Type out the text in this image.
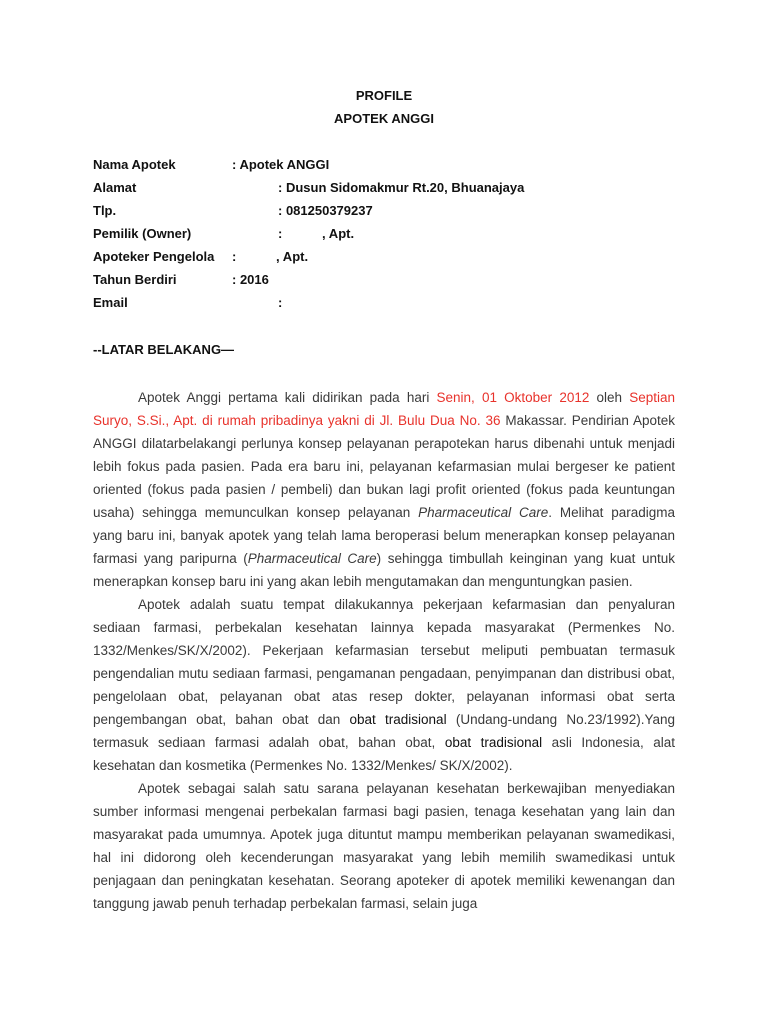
PROFILE
APOTEK ANGGI
Nama Apotek	: Apotek ANGGI
Alamat	: Dusun Sidomakmur Rt.20, Bhuanajaya
Tlp.	: 081250379237
Pemilik (Owner)	:           , Apt.
Apoteker Pengelola :           , Apt.
Tahun Berdiri	: 2016
Email	:
--LATAR BELAKANG—

Apotek Anggi pertama kali didirikan pada hari Senin, 01 Oktober 2012 oleh Septian Suryo, S.Si., Apt. di rumah pribadinya yakni di Jl. Bulu Dua No. 36 Makassar. Pendirian Apotek ANGGI dilatarbelakangi perlunya konsep pelayanan perapotekan harus dibenahi untuk menjadi lebih fokus pada pasien. Pada era baru ini, pelayanan kefarmasian mulai bergeser ke patient oriented (fokus pada pasien / pembeli) dan bukan lagi profit oriented (fokus pada keuntungan usaha) sehingga memunculkan konsep pelayanan Pharmaceutical Care. Melihat paradigma yang baru ini, banyak apotek yang telah lama beroperasi belum menerapkan konsep pelayanan farmasi yang paripurna (Pharmaceutical Care) sehingga timbullah keinginan yang kuat untuk menerapkan konsep baru ini yang akan lebih mengutamakan dan menguntungkan pasien.

Apotek adalah suatu tempat dilakukannya pekerjaan kefarmasian dan penyaluran sediaan farmasi, perbekalan kesehatan lainnya kepada masyarakat (Permenkes No. 1332/Menkes/SK/X/2002). Pekerjaan kefarmasian tersebut meliputi pembuatan termasuk pengendalian mutu sediaan farmasi, pengamanan pengadaan, penyimpanan dan distribusi obat, pengelolaan obat, pelayanan obat atas resep dokter, pelayanan informasi obat serta pengembangan obat, bahan obat dan obat tradisional (Undang-undang No.23/1992).Yang termasuk sediaan farmasi adalah obat, bahan obat, obat tradisional asli Indonesia, alat kesehatan dan kosmetika (Permenkes No. 1332/Menkes/ SK/X/2002).

Apotek sebagai salah satu sarana pelayanan kesehatan berkewajiban menyediakan sumber informasi mengenai perbekalan farmasi bagi pasien, tenaga kesehatan yang lain dan masyarakat pada umumnya. Apotek juga dituntut mampu memberikan pelayanan swamedikasi, hal ini didorong oleh kecenderungan masyarakat yang lebih memilih swamedikasi untuk penjagaan dan peningkatan kesehatan. Seorang apoteker di apotek memiliki kewenangan dan tanggung jawab penuh terhadap perbekalan farmasi, selain juga
